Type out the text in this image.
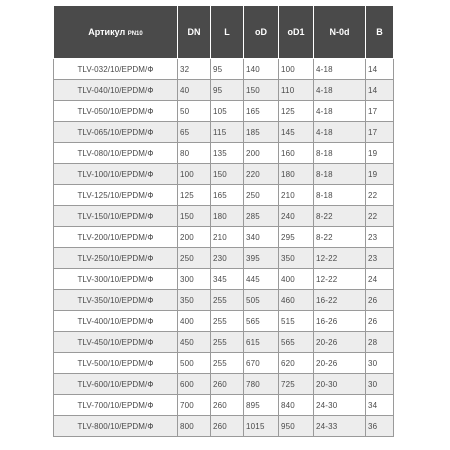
Артикул PN10	DN	L	oD	oD1	N-0d	B
TLV-032/10/EPDM/Ф	32	95	140	100	4-18	14
TLV-040/10/EPDM/Ф	40	95	150	110	4-18	14
TLV-050/10/EPDM/Ф	50	105	165	125	4-18	17
TLV-065/10/EPDM/Ф	65	115	185	145	4-18	17
TLV-080/10/EPDM/Ф	80	135	200	160	8-18	19
TLV-100/10/EPDM/Ф	100	150	220	180	8-18	19
TLV-125/10/EPDM/Ф	125	165	250	210	8-18	22
TLV-150/10/EPDM/Ф	150	180	285	240	8-22	22
TLV-200/10/EPDM/Ф	200	210	340	295	8-22	23
TLV-250/10/EPDM/Ф	250	230	395	350	12-22	23
TLV-300/10/EPDM/Ф	300	345	445	400	12-22	24
TLV-350/10/EPDM/Ф	350	255	505	460	16-22	26
TLV-400/10/EPDM/Ф	400	255	565	515	16-26	26
TLV-450/10/EPDM/Ф	450	255	615	565	20-26	28
TLV-500/10/EPDM/Ф	500	255	670	620	20-26	30
TLV-600/10/EPDM/Ф	600	260	780	725	20-30	30
TLV-700/10/EPDM/Ф	700	260	895	840	24-30	34
TLV-800/10/EPDM/Ф	800	260	1015	950	24-33	36
